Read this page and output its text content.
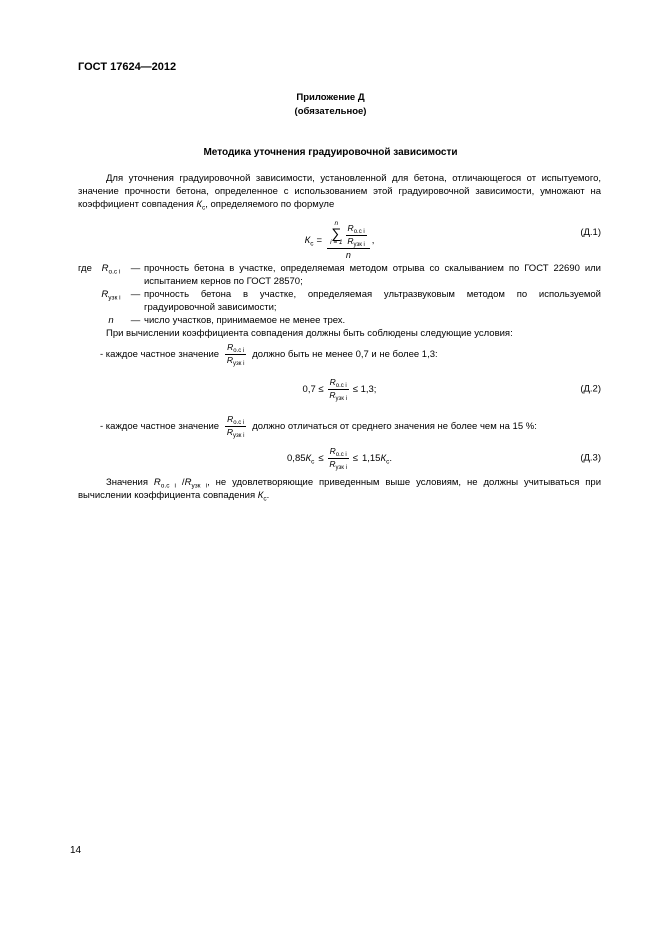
ГОСТ 17624—2012
Приложение Д
(обязательное)
Методика уточнения градуировочной зависимости

Для уточнения градуировочной зависимости, установленной для бетона, отличающегося от испытуемого, значение прочности бетона, определенное с использованием этой градуировочной зависимости, умножают на коэффициент совпадения $К_с$, определяемого по формуле

$К_с$ =
n
∑
$i = 1 \frac{R_{о.с i}}{R_{узк i}}$
n
,
(Д.1)
где	$R_{о.с i}$	— прочность бетона в участке, определяемая методом отрыва со скалыванием по ГОСТ 22690 или испытанием кернов по ГОСТ 28570;
$R_{узк i}$	— прочность бетона в участке, определяемая ультразвуковым методом по используемой градуировочной зависимости;
n	— число участков, принимаемое не менее трех.

При вычислении коэффициента совпадения должны быть соблюдены следующие условия:

- каждое частное значение $\frac{R_{о.с i}}{R_{узк i}}$ должно быть не менее 0,7 и не более 1,3:
$0,7 \le \frac{R_{о.с i}}{R_{узк i}} \le 1,3$;	(Д.2)
- каждое частное значение $\frac{R_{о.с i}}{R_{узк i}}$ должно отличаться от среднего значения не более чем на 15 %:
$0,85К_с \le \frac{R_{о.с i}}{R_{узк i}} \le 1,15К_с$.	(Д.3)

Значения $R_{о.с i}$ $/R_{узк i}$, не удовлетворяющие приведенным выше условиям, не должны учитываться при вычислении коэффициента совпадения $К_с$.

14
